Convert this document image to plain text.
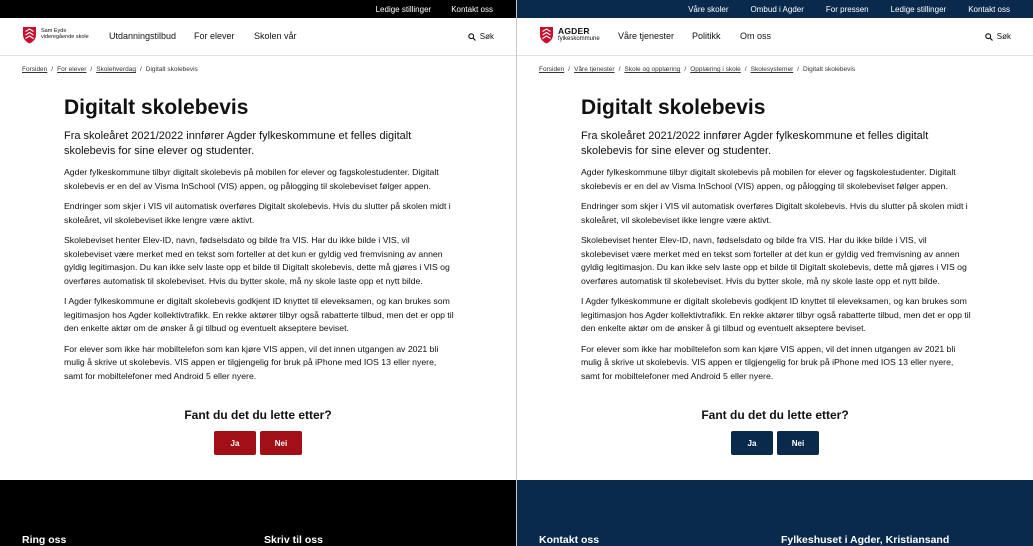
Ledige stillinger	Kontakt oss
Sam Eyde
videregående skole Utdanningstilbud For elever Skolen vår	Søk
Forsiden / For elever / Skolehverdag / Digitalt skolebevis
Digitalt skolebevis

Fra skoleåret 2021/2022 innfører Agder fylkeskommune et felles digitalt skolebevis for sine elever og studenter.

Agder fylkeskommune tilbyr digitalt skolebevis på mobilen for elever og fagskolestudenter. Digitalt skolebevis er en del av Visma InSchool (VIS) appen, og pålogging til skolebeviset følger appen.

Endringer som skjer i VIS vil automatisk overføres Digitalt skolebevis. Hvis du slutter på skolen midt i skoleåret, vil skolebeviset ikke lengre være aktivt.

Skolebeviset henter Elev-ID, navn, fødselsdato og bilde fra VIS. Har du ikke bilde i VIS, vil skolebeviset være merket med en tekst som forteller at det kun er gyldig ved fremvisning av annen gyldig legitimasjon. Du kan ikke selv laste opp et bilde til Digitalt skolebevis, dette må gjøres i VIS og overføres automatisk til skolebeviset. Hvis du bytter skole, må ny skole laste opp et nytt bilde.

I Agder fylkeskommune er digitalt skolebevis godkjent ID knyttet til eleveksamen, og kan brukes som legitimasjon hos Agder kollektivtrafikk. En rekke aktører tilbyr også rabatterte tilbud, men det er opp til den enkelte aktør om de ønsker å gi tilbud og eventuelt akseptere beviset.

For elever som ikke har mobiltelefon som kan kjøre VIS appen, vil det innen utgangen av 2021 bli mulig å skrive ut skolebevis. VIS appen er tilgjengelig for bruk på iPhone med IOS 13 eller nyere, samt for mobiltelefoner med Android 5 eller nyere.

Fant du det du lette etter?
Ja	Nei
Ring oss	Skriv til oss
Våre skoler	Ombud i Agder	For pressen	Ledige stillinger	Kontakt oss
AGDER
fylkeskommune Våre tjenester Politikk Om oss	Søk
Forsiden / Våre tjenester / Skole og opplæring / Opplæring i skole / Skolesystemer / Digitalt skolebevis
Digitalt skolebevis

Fra skoleåret 2021/2022 innfører Agder fylkeskommune et felles digitalt skolebevis for sine elever og studenter.

Agder fylkeskommune tilbyr digitalt skolebevis på mobilen for elever og fagskolestudenter. Digitalt skolebevis er en del av Visma InSchool (VIS) appen, og pålogging til skolebeviset følger appen.

Endringer som skjer i VIS vil automatisk overføres Digitalt skolebevis. Hvis du slutter på skolen midt i skoleåret, vil skolebeviset ikke lengre være aktivt.

Skolebeviset henter Elev-ID, navn, fødselsdato og bilde fra VIS. Har du ikke bilde i VIS, vil skolebeviset være merket med en tekst som forteller at det kun er gyldig ved fremvisning av annen gyldig legitimasjon. Du kan ikke selv laste opp et bilde til Digitalt skolebevis, dette må gjøres i VIS og overføres automatisk til skolebeviset. Hvis du bytter skole, må ny skole laste opp et nytt bilde.

I Agder fylkeskommune er digitalt skolebevis godkjent ID knyttet til eleveksamen, og kan brukes som legitimasjon hos Agder kollektivtrafikk. En rekke aktører tilbyr også rabatterte tilbud, men det er opp til den enkelte aktør om de ønsker å gi tilbud og eventuelt akseptere beviset.

For elever som ikke har mobiltelefon som kan kjøre VIS appen, vil det innen utgangen av 2021 bli mulig å skrive ut skolebevis. VIS appen er tilgjengelig for bruk på iPhone med IOS 13 eller nyere, samt for mobiltelefoner med Android 5 eller nyere.

Fant du det du lette etter?
Ja	Nei
Kontakt oss	Fylkeshuset i Agder, Kristiansand
